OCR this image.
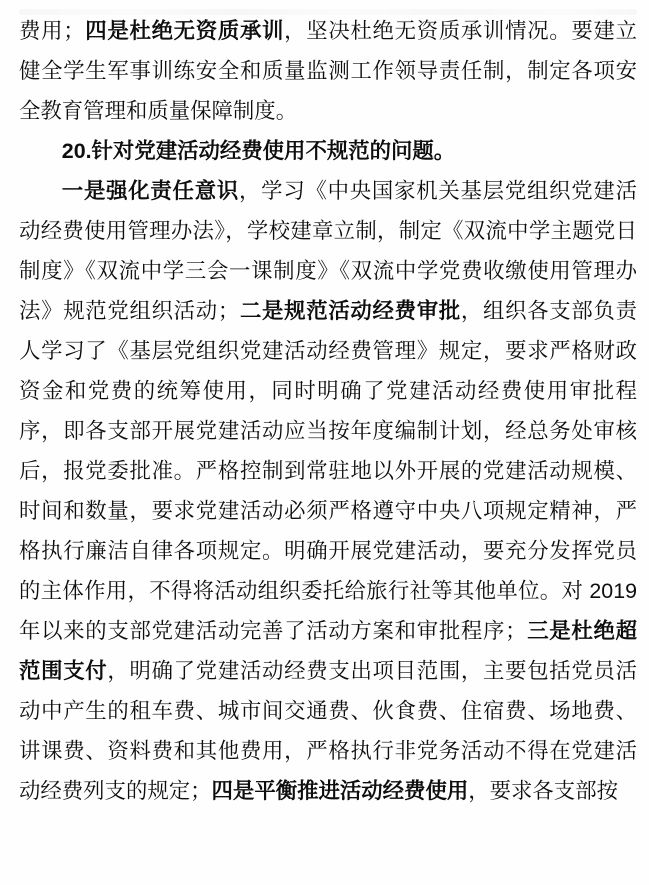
费用；四是杜绝无资质承训，坚决杜绝无资质承训情况。要建立健全学生军事训练安全和质量监测工作领导责任制，制定各项安全教育管理和质量保障制度。

20.针对党建活动经费使用不规范的问题。

一是强化责任意识，学习《中央国家机关基层党组织党建活动经费使用管理办法》，学校建章立制，制定《双流中学主题党日制度》《双流中学三会一课制度》《双流中学党费收缴使用管理办法》规范党组织活动；二是规范活动经费审批，组织各支部负责人学习了《基层党组织党建活动经费管理》规定，要求严格财政资金和党费的统筹使用，同时明确了党建活动经费使用审批程序，即各支部开展党建活动应当按年度编制计划，经总务处审核后，报党委批准。严格控制到常驻地以外开展的党建活动规模、时间和数量，要求党建活动必须严格遵守中央八项规定精神，严格执行廉洁自律各项规定。明确开展党建活动，要充分发挥党员的主体作用，不得将活动组织委托给旅行社等其他单位。对 2019 年以来的支部党建活动完善了活动方案和审批程序；三是杜绝超范围支付，明确了党建活动经费支出项目范围，主要包括党员活动中产生的租车费、城市间交通费、伙食费、住宿费、场地费、讲课费、资料费和其他费用，严格执行非党务活动不得在党建活动经费列支的规定；四是平衡推进活动经费使用，要求各支部按
